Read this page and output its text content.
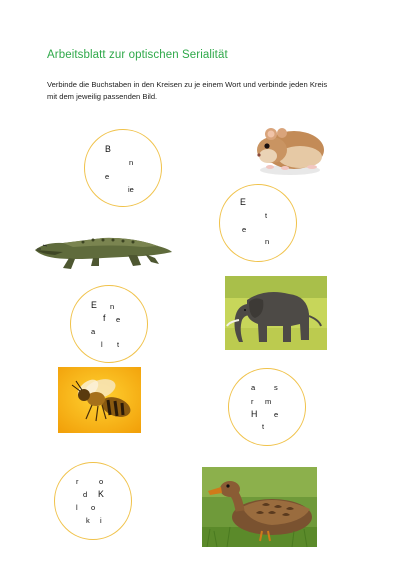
Arbeitsblatt zur optischen Serialität
Verbinde die Buchstaben in den Kreisen zu je einem Wort und verbinde jeden Kreis
mit dem jeweilig passenden Bild.
B
n
e
ie
E
t
e
n
E n
f e
a
l t
a	s
r m
H e
t
r	o
d K
l o
k i
